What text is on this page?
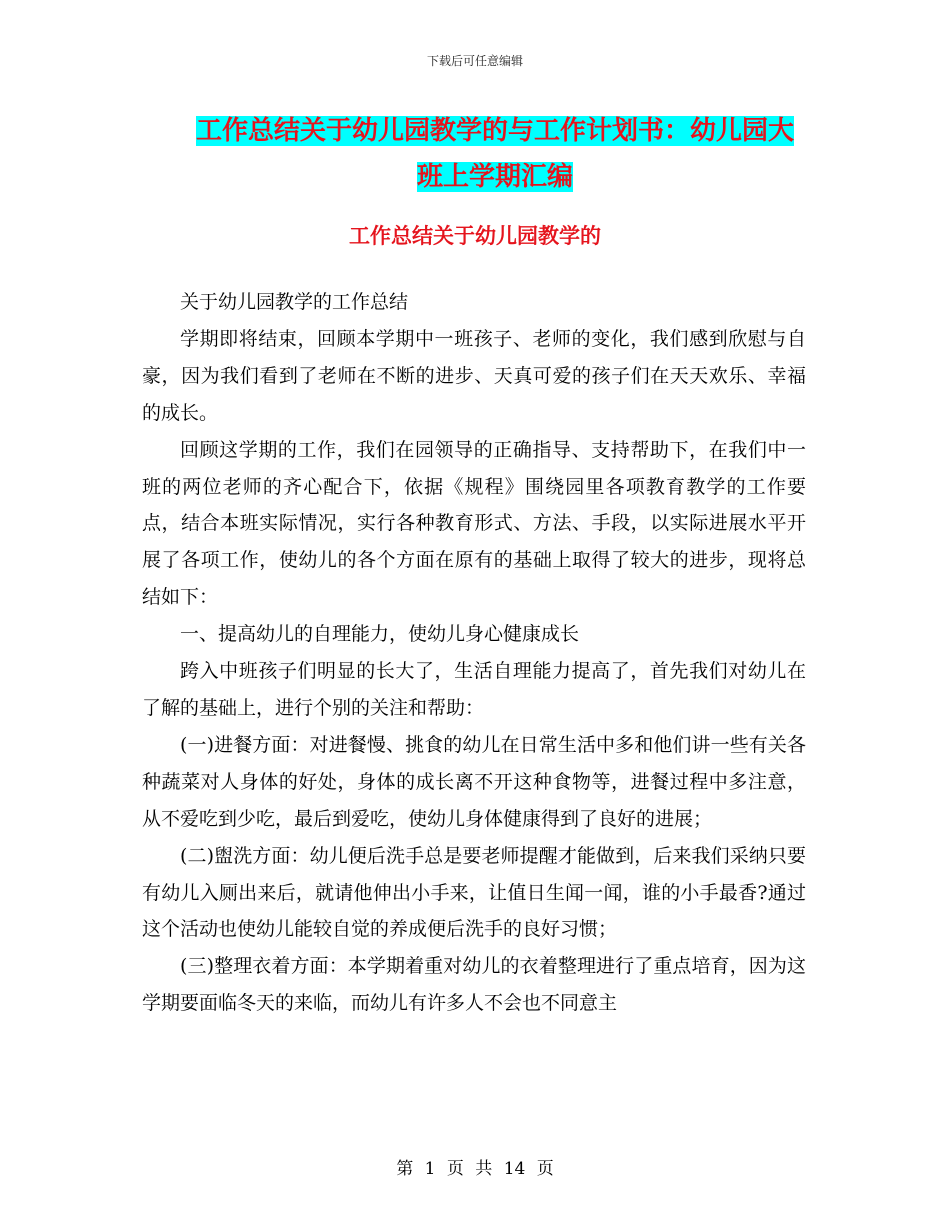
下载后可任意编辑
工作总结关于幼儿园教学的与工作计划书：幼儿园大
班上学期汇编
工作总结关于幼儿园教学的

关于幼儿园教学的工作总结

学期即将结束，回顾本学期中一班孩子、老师的变化，我们感到欣慰与自豪，因为我们看到了老师在不断的进步、天真可爱的孩子们在天天欢乐、幸福的成长。

回顾这学期的工作，我们在园领导的正确指导、支持帮助下，在我们中一班的两位老师的齐心配合下，依据《规程》围绕园里各项教育教学的工作要点，结合本班实际情况，实行各种教育形式、方法、手段，以实际进展水平开展了各项工作，使幼儿的各个方面在原有的基础上取得了较大的进步，现将总结如下：

一、提高幼儿的自理能力，使幼儿身心健康成长

跨入中班孩子们明显的长大了，生活自理能力提高了，首先我们对幼儿在了解的基础上，进行个别的关注和帮助：

(一)进餐方面：对进餐慢、挑食的幼儿在日常生活中多和他们讲一些有关各种蔬菜对人身体的好处，身体的成长离不开这种食物等，进餐过程中多注意，从不爱吃到少吃，最后到爱吃，使幼儿身体健康得到了良好的进展；

(二)盥洗方面：幼儿便后洗手总是要老师提醒才能做到，后来我们采纳只要有幼儿入厕出来后，就请他伸出小手来，让值日生闻一闻，谁的小手最香?通过这个活动也使幼儿能较自觉的养成便后洗手的良好习惯；

(三)整理衣着方面：本学期着重对幼儿的衣着整理进行了重点培育，因为这学期要面临冬天的来临，而幼儿有许多人不会也不同意主

第 1 页 共 14 页
